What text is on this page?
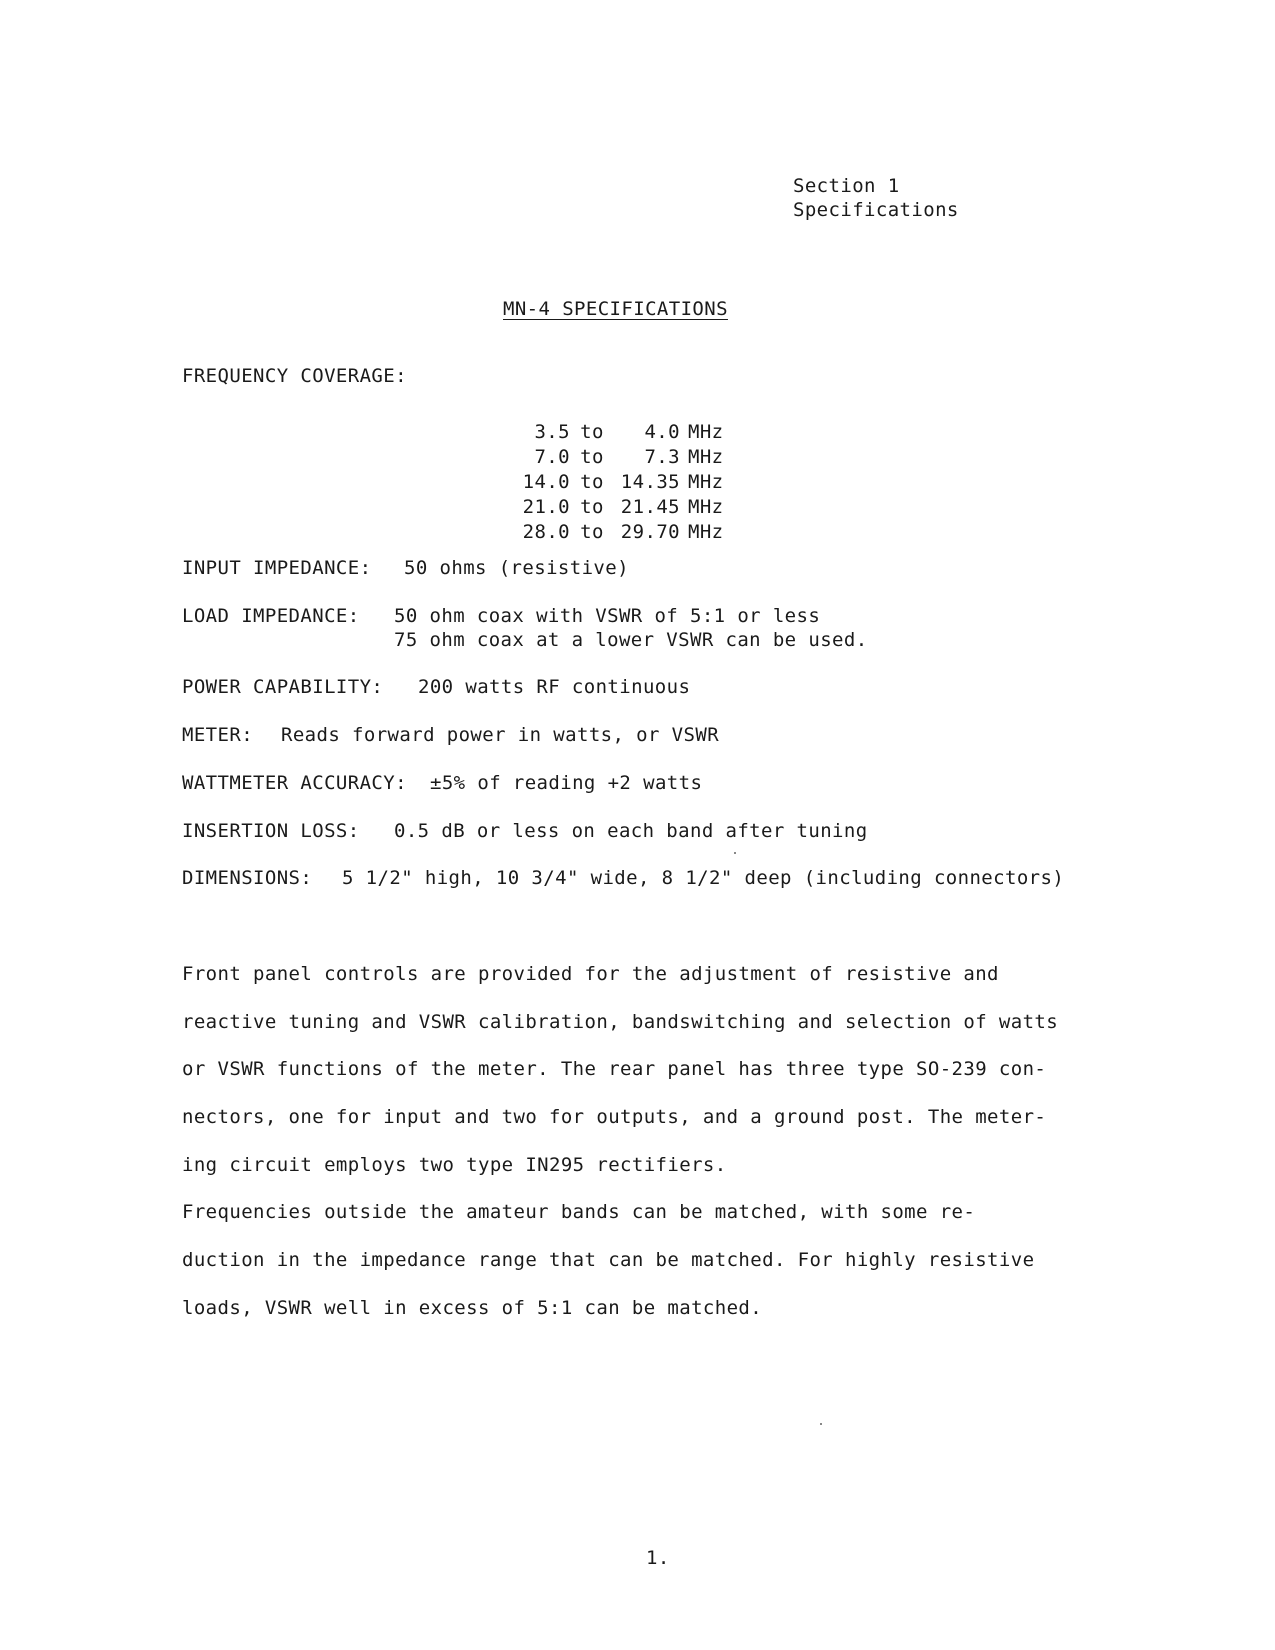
Section 1
Specifications
MN-4 SPECIFICATIONS
FREQUENCY COVERAGE:
3.5 to	4.0 MHz
7.0 to	7.3 MHz
14.0 to 14.35 MHz
21.0 to 21.45 MHz
28.0 to 29.70 MHz
INPUT IMPEDANCE: 50 ohms (resistive)
LOAD IMPEDANCE: 50 ohm coax with VSWR of 5:1 or less
75 ohm coax at a lower VSWR can be used.
POWER CAPABILITY: 200 watts RF continuous
METER: Reads forward power in watts, or VSWR
WATTMETER ACCURACY: ±5% of reading +2 watts
INSERTION LOSS: 0.5 dB or less on each band after tuning
DIMENSIONS: 5 1/2" high, 10 3/4" wide, 8 1/2" deep (including connectors)
Front panel controls are provided for the adjustment of resistive and
reactive tuning and VSWR calibration, bandswitching and selection of watts
or VSWR functions of the meter. The rear panel has three type SO-239 con-
nectors, one for input and two for outputs, and a ground post. The meter-
ing circuit employs two type IN295 rectifiers.
Frequencies outside the amateur bands can be matched, with some re-
duction in the impedance range that can be matched. For highly resistive
loads, VSWR well in excess of 5:1 can be matched.
1.
